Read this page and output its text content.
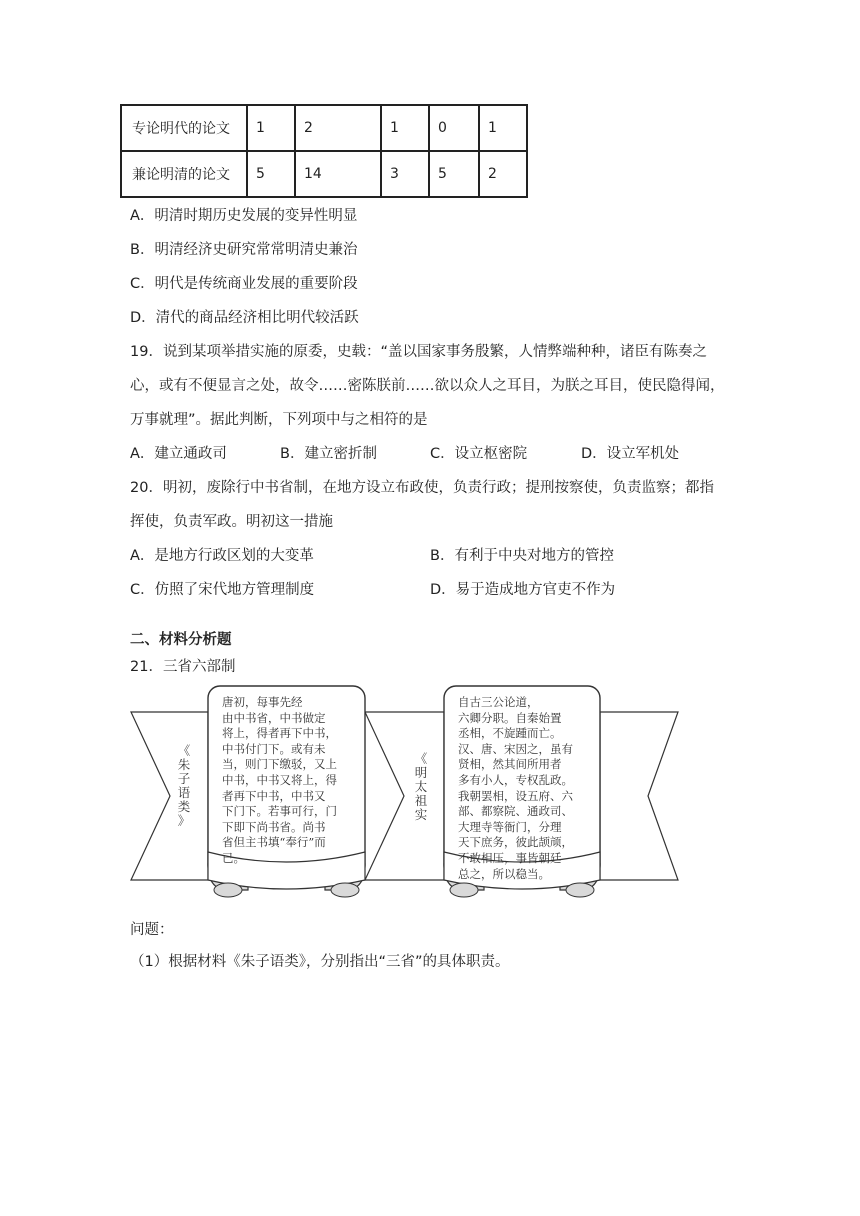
专论明代的论文	1	2	1	0	1
兼论明清的论文	5	14	3	5	2
A．明清时期历史发展的变异性明显
B．明清经济史研究常常明清史兼治
C．明代是传统商业发展的重要阶段
D．清代的商品经济相比明代较活跃
19．说到某项举措实施的原委，史载：“盖以国家事务殷繁，人情弊端种种，诸臣有陈奏之
心，或有不便显言之处，故令……密陈朕前……欲以众人之耳目，为朕之耳目，使民隐得闻，
万事就理”。据此判断，下列项中与之相符的是
A．建立通政司	B．建立密折制	C．设立枢密院	D．设立军机处
20．明初，废除行中书省制，在地方设立布政使，负责行政；提刑按察使，负责监察；都指
挥使，负责军政。明初这一措施
A．是地方行政区划的大变革	B．有利于中央对地方的管控
C．仿照了宋代地方管理制度	D．易于造成地方官吏不作为
二、材料分析题
21．三省六部制
《
朱
子
语
类
》
《
明
太
祖
实
唐初，每事先经
由中书省，中书做定
将上，得者再下中书，
中书付门下。或有未
当，则门下缴驳，又上
中书，中书又将上，得
者再下中书，中书又
下门下。若事可行，门
下即下尚书省。尚书
省但主书填“奉行”而
已。
自古三公论道，
六卿分职。自秦始置
丞相，不旋踵而亡。
汉、唐、宋因之，虽有
贤相，然其间所用者
多有小人，专权乱政。
我朝罢相，设五府、六
部、都察院、通政司、
大理寺等衙门，分理
天下庶务，彼此颉颃，
不敢相压，事皆朝廷
总之，所以稳当。
问题：
（1）根据材料《朱子语类》，分别指出“三省”的具体职责。
